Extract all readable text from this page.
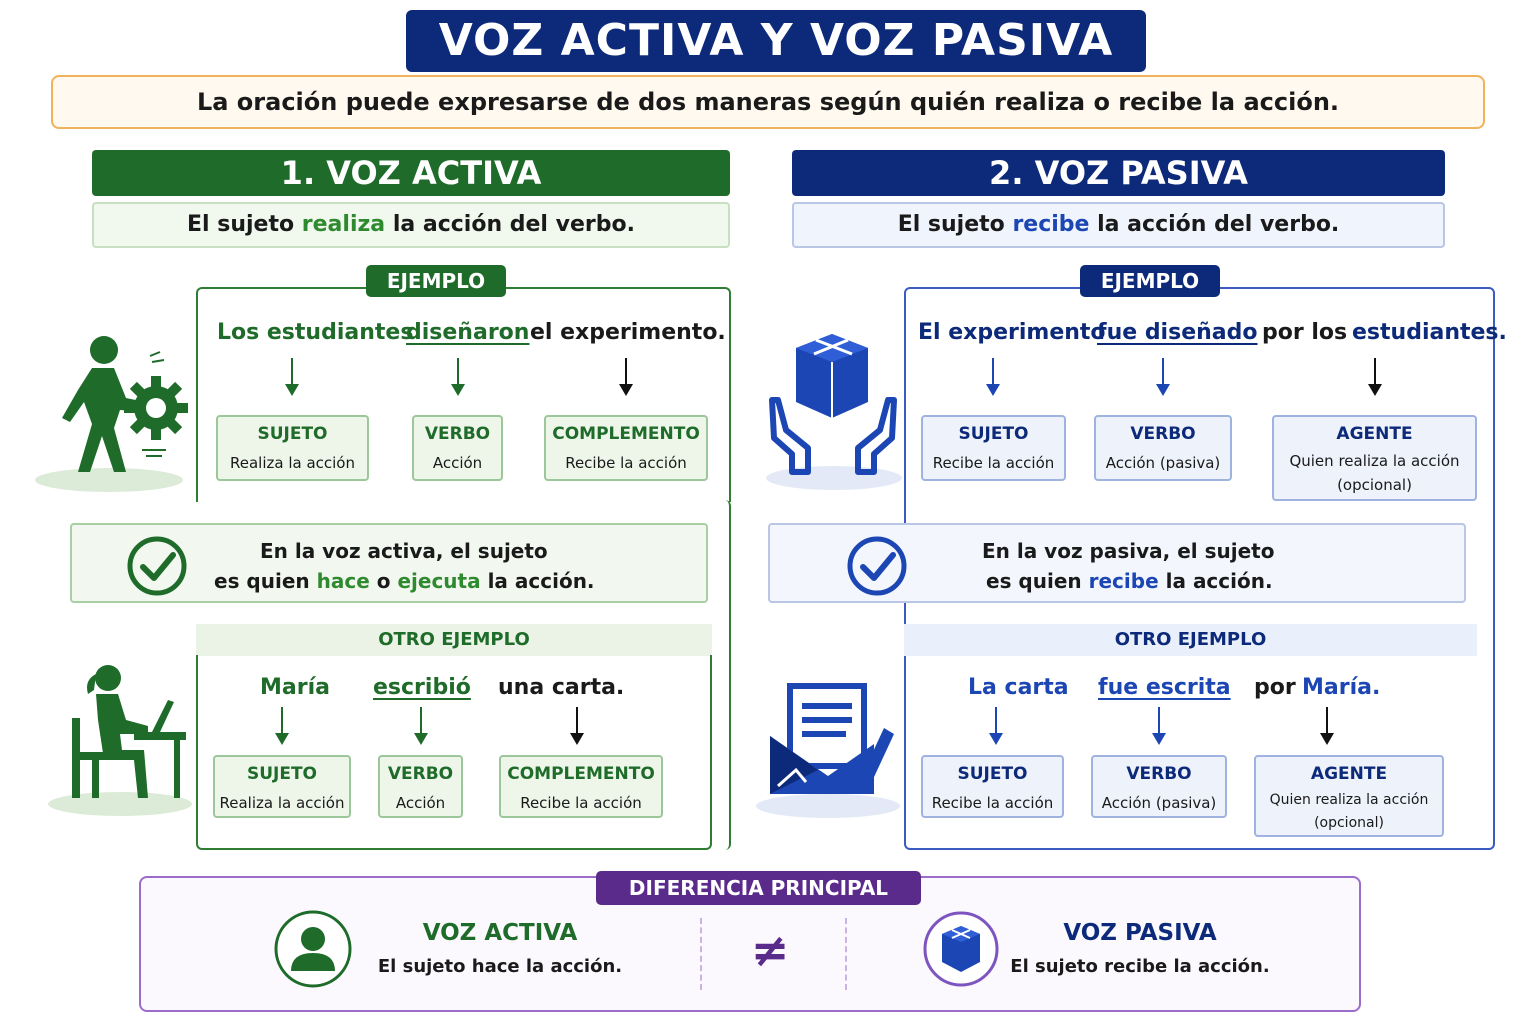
VOZ ACTIVA Y VOZ PASIVA
La oración puede expresarse de dos maneras según quién realiza o recibe la acción.
1. VOZ ACTIVA
El sujeto realiza la acción del verbo.
EJEMPLO
Los estudiantes
diseñaron el experimento.
SUJETO
Realiza la acción
VERBO
Acción
COMPLEMENTO
Recibe la acción
En la voz activa, el sujeto
es quien hace o ejecuta la acción.
OTRO EJEMPLO
María escribió una carta.
SUJETO
Realiza la acción
VERBO
Acción
COMPLEMENTO
Recibe la acción
2. VOZ PASIVA
El sujeto recibe la acción del verbo.
EJEMPLO
El experimento
fue diseñado por los estudiantes.
SUJETO
Recibe la acción
VERBO
Acción (pasiva)
AGENTE
Quien realiza la acción
(opcional)
En la voz pasiva, el sujeto
es quien recibe la acción.
OTRO EJEMPLO
La carta fue escrita por María.
SUJETO
Recibe la acción
VERBO
Acción (pasiva)
AGENTE
Quien realiza la acción
(opcional)
DIFERENCIA PRINCIPAL
VOZ ACTIVA
El sujeto hace la acción.	≠	VOZ PASIVA
El sujeto recibe la acción.
